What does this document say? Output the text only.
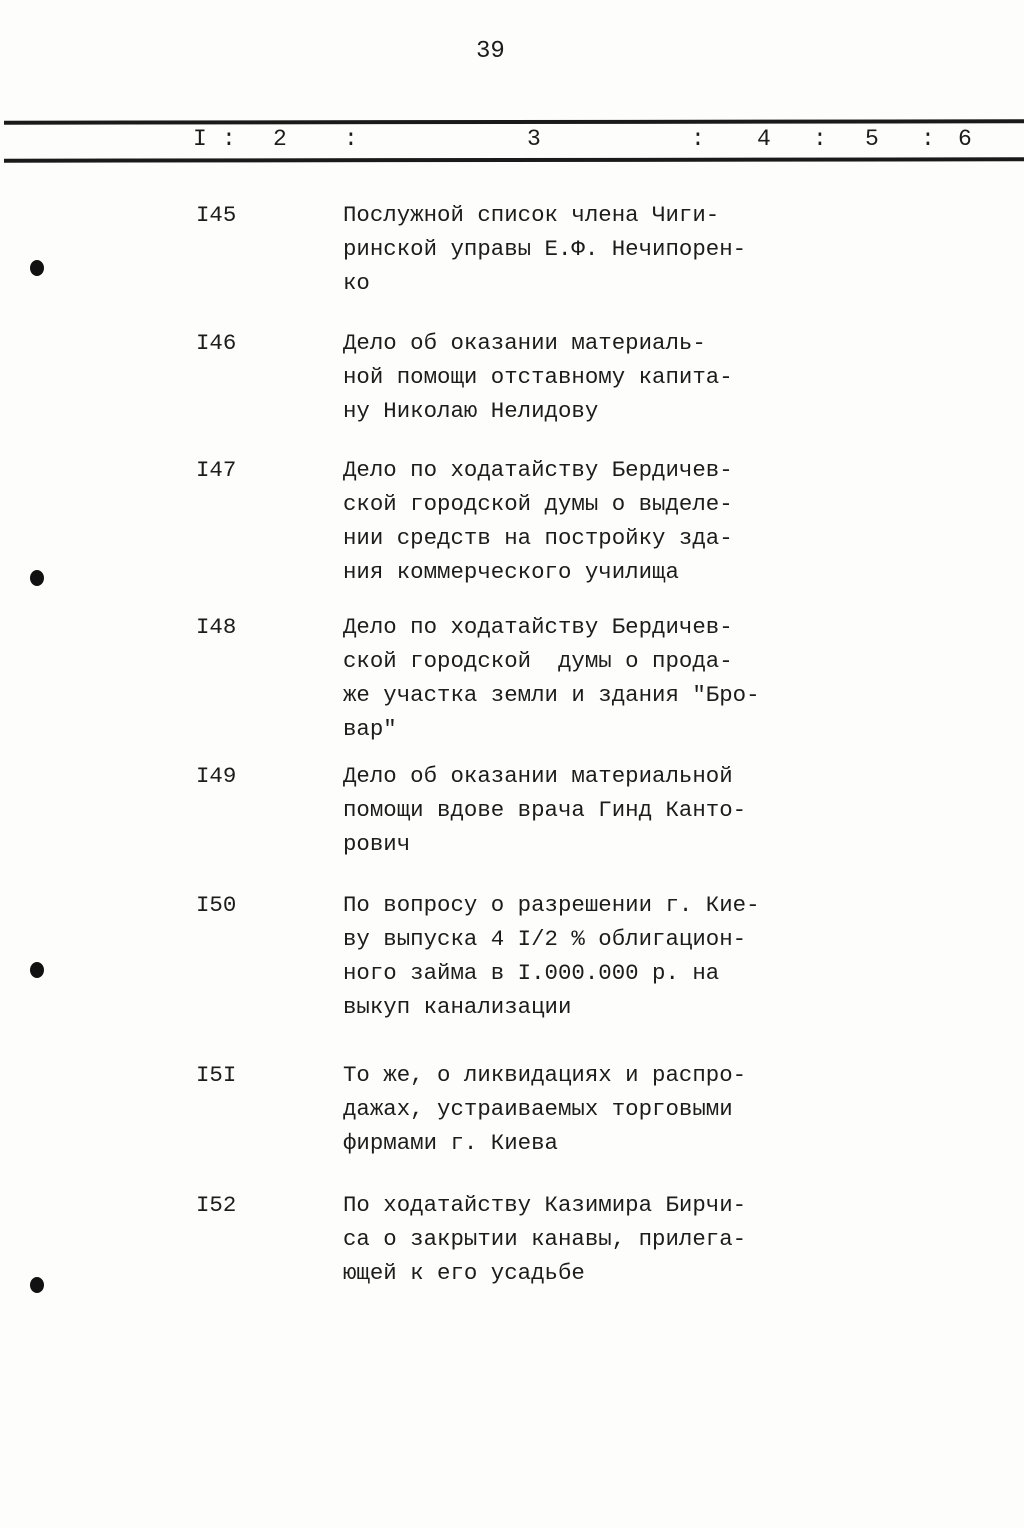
39
I : 2 :	3	: 4 : 5 : 6
I45	Послужной список члена Чиги-
ринской управы Е.Ф. Нечипорен-
ко
I46	Дело об оказании материаль-
ной помощи отставному капита-
ну Николаю Нелидову
I47	Дело по ходатайству Бердичев-
ской городской думы о выделе-
нии средств на постройку зда-
ния коммерческого училища
I48	Дело по ходатайству Бердичев-
ской городской  думы о прода-
же участка земли и здания "Бро-
вар"
I49	Дело об оказании материальной
помощи вдове врача Гинд Канто-
рович
I50	По вопросу о разрешении г. Кие-
ву выпуска 4 I/2 % облигацион-
ного займа в I.000.000 р. на
выкуп канализации
I5I	То же, о ликвидациях и распро-
дажах, устраиваемых торговыми
фирмами г. Киева
I52	По ходатайству Казимира Бирчи-
са о закрытии канавы, прилега-
ющей к его усадьбе
